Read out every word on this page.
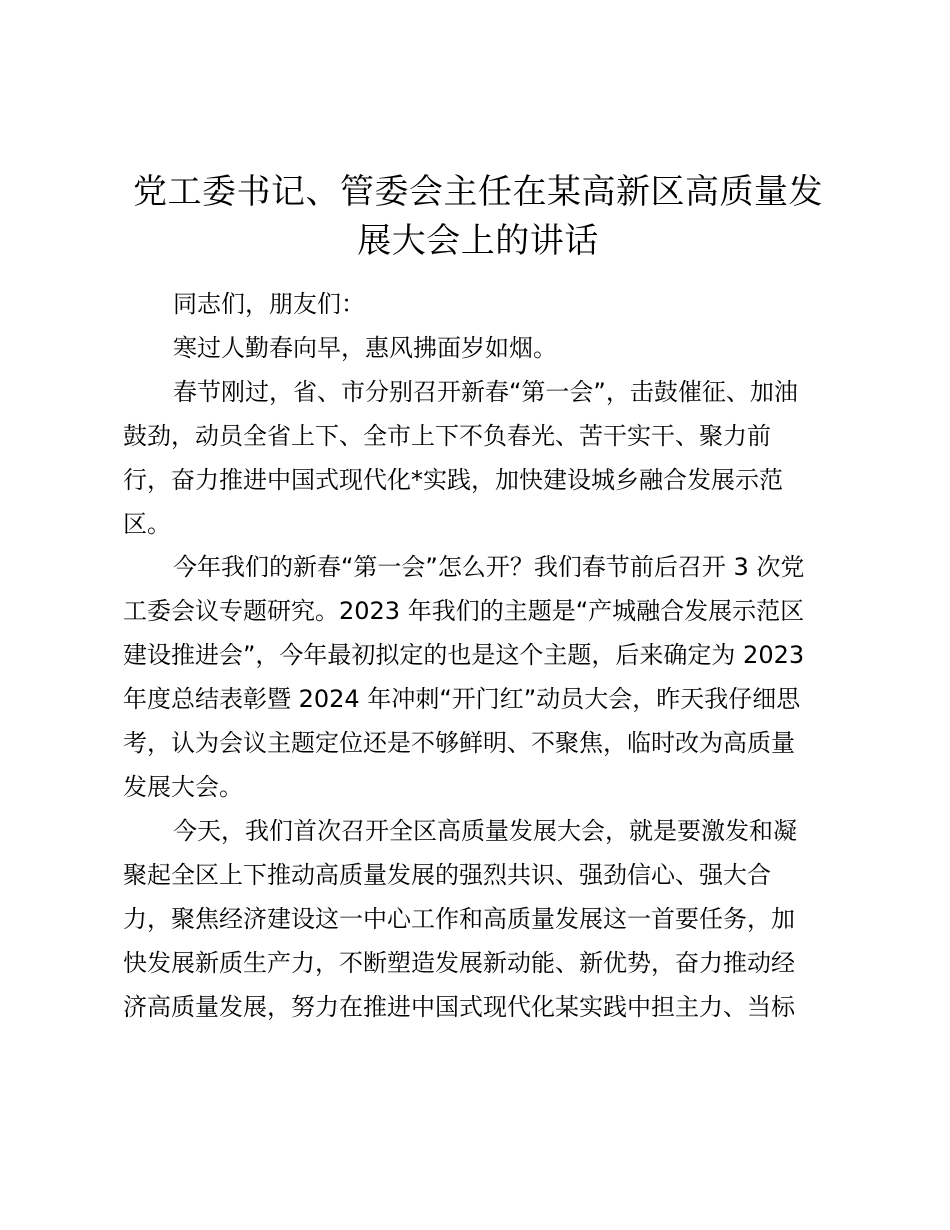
党工委书记、管委会主任在某高新区高质量发
展大会上的讲话

同志们，朋友们：

寒过人勤春向早，惠风拂面岁如烟。

春节刚过，省、市分别召开新春“第一会”，击鼓催征、加油
鼓劲，动员全省上下、全市上下不负春光、苦干实干、聚力前
行，奋力推进中国式现代化*实践，加快建设城乡融合发展示范
区。

今年我们的新春“第一会”怎么开？我们春节前后召开 3 次党
工委会议专题研究。2023 年我们的主题是“产城融合发展示范区
建设推进会”，今年最初拟定的也是这个主题，后来确定为 2023
年度总结表彰暨 2024 年冲刺“开门红”动员大会，昨天我仔细思
考，认为会议主题定位还是不够鲜明、不聚焦，临时改为高质量
发展大会。

今天，我们首次召开全区高质量发展大会，就是要激发和凝
聚起全区上下推动高质量发展的强烈共识、强劲信心、强大合
力，聚焦经济建设这一中心工作和高质量发展这一首要任务，加
快发展新质生产力，不断塑造发展新动能、新优势，奋力推动经
济高质量发展，努力在推进中国式现代化某实践中担主力、当标
